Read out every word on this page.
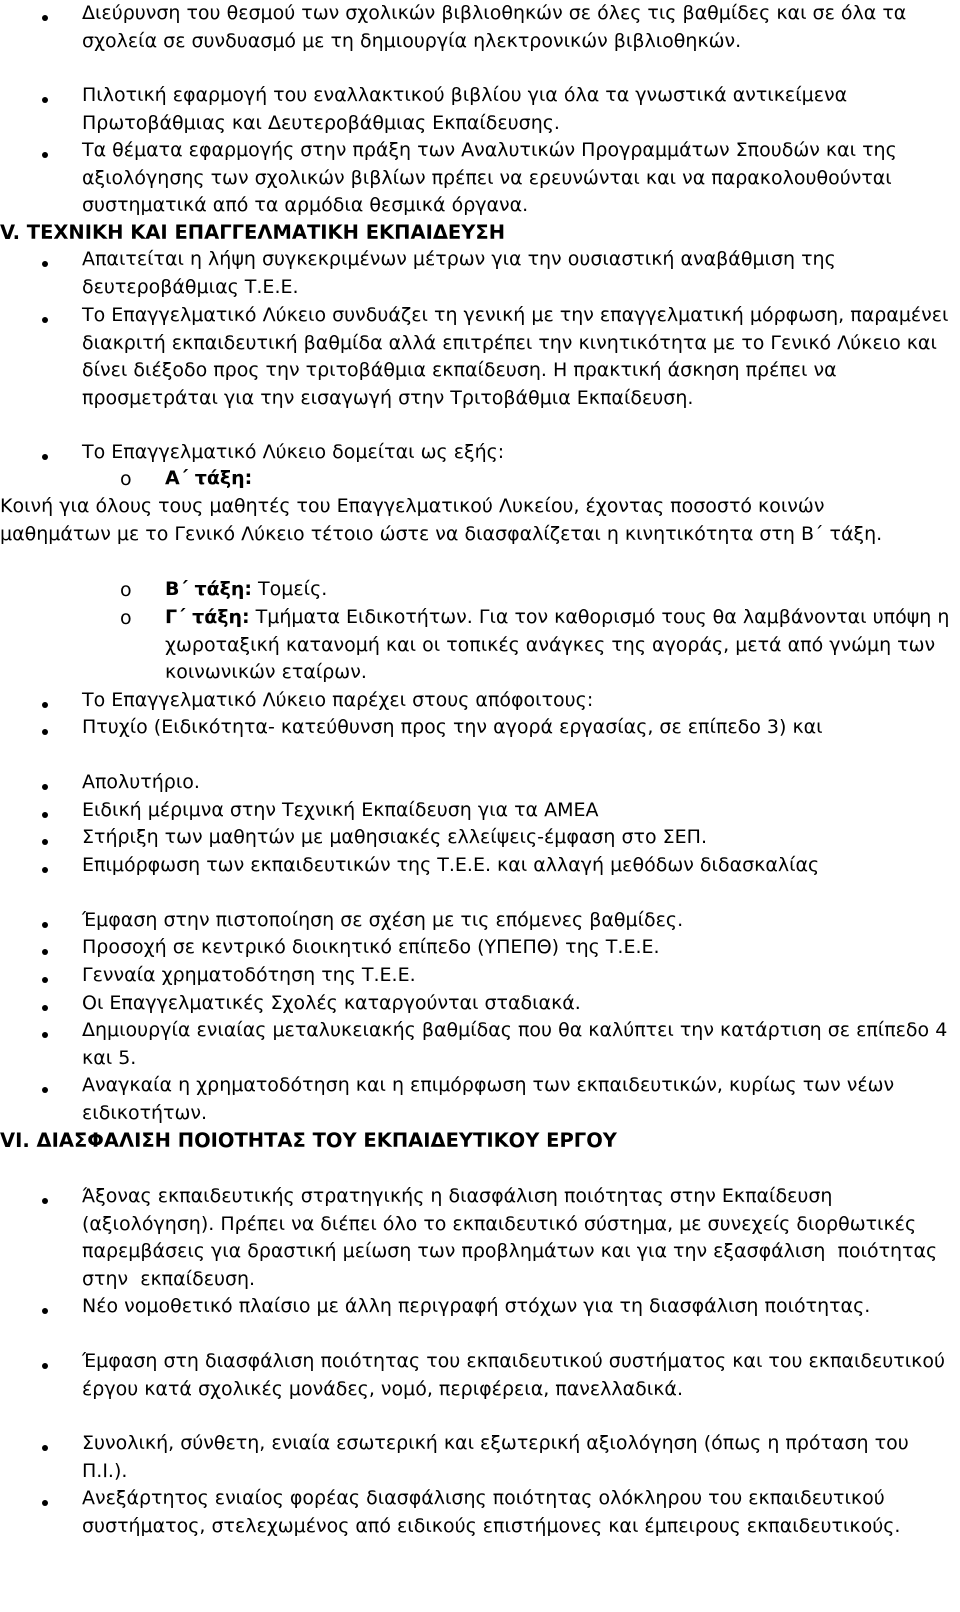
Διεύρυνση του θεσμού των σχολικών βιβλιοθηκών σε όλες τις βαθμίδες και σε όλα τα σχολεία σε συνδυασμό με τη δημιουργία ηλεκτρονικών βιβλιοθηκών.
Πιλοτική εφαρμογή του εναλλακτικού βιβλίου για όλα τα γνωστικά αντικείμενα Πρωτοβάθμιας και Δευτεροβάθμιας Εκπαίδευσης.
Τα θέματα εφαρμογής στην πράξη των Αναλυτικών Προγραμμάτων Σπουδών και της αξιολόγησης των σχολικών βιβλίων πρέπει να ερευνώνται και να παρακολουθούνται συστηματικά από τα αρμόδια θεσμικά όργανα.
V. ΤΕΧΝΙΚΗ ΚΑΙ ΕΠΑΓΓΕΛΜΑΤΙΚΗ ΕΚΠΑΙΔΕΥΣΗ
Απαιτείται η λήψη συγκεκριμένων μέτρων για την ουσιαστική αναβάθμιση της δευτεροβάθμιας Τ.Ε.Ε.
Το Επαγγελματικό Λύκειο συνδυάζει τη γενική με την επαγγελματική μόρφωση, παραμένει διακριτή εκπαιδευτική βαθμίδα αλλά επιτρέπει την κινητικότητα με το Γενικό Λύκειο και δίνει διέξοδο προς την τριτοβάθμια εκπαίδευση. Η πρακτική άσκηση πρέπει να προσμετράται για την εισαγωγή στην Τριτοβάθμια Εκπαίδευση.
Το Επαγγελματικό Λύκειο δομείται ως εξής:
o Α΄ τάξη:
Κοινή για όλους τους μαθητές του Επαγγελματικού Λυκείου, έχοντας ποσοστό κοινών μαθημάτων με το Γενικό Λύκειο τέτοιο ώστε να διασφαλίζεται η κινητικότητα στη Β΄ τάξη.
o Β΄ τάξη: Τομείς.
o Γ΄ τάξη: Τμήματα Ειδικοτήτων. Για τον καθορισμό τους θα λαμβάνονται υπόψη η χωροταξική κατανομή και οι τοπικές ανάγκες της αγοράς, μετά από γνώμη των κοινωνικών εταίρων.
Το Επαγγελματικό Λύκειο παρέχει στους απόφοιτους:
Πτυχίο (Ειδικότητα- κατεύθυνση προς την αγορά εργασίας, σε επίπεδο 3) και
Απολυτήριο.
Ειδική μέριμνα στην Τεχνική Εκπαίδευση για τα ΑΜΕΑ
Στήριξη των μαθητών με μαθησιακές ελλείψεις-έμφαση στο ΣΕΠ.
Επιμόρφωση των εκπαιδευτικών της Τ.Ε.Ε. και αλλαγή μεθόδων διδασκαλίας
Έμφαση στην πιστοποίηση σε σχέση με τις επόμενες βαθμίδες.
Προσοχή σε κεντρικό διοικητικό επίπεδο (ΥΠΕΠΘ) της Τ.Ε.Ε.
Γενναία χρηματοδότηση της Τ.Ε.Ε.
Οι Επαγγελματικές Σχολές καταργούνται σταδιακά.
Δημιουργία ενιαίας μεταλυκειακής βαθμίδας που θα καλύπτει την κατάρτιση σε επίπεδο 4 και 5.
Αναγκαία η χρηματοδότηση και η επιμόρφωση των εκπαιδευτικών, κυρίως των νέων ειδικοτήτων.
VI. ΔΙΑΣΦΑΛΙΣΗ ΠΟΙΟΤΗΤΑΣ ΤΟΥ ΕΚΠΑΙΔΕΥΤΙΚΟΥ ΕΡΓΟΥ
Άξονας εκπαιδευτικής στρατηγικής η διασφάλιση ποιότητας στην Εκπαίδευση (αξιολόγηση). Πρέπει να διέπει όλο το εκπαιδευτικό σύστημα, με συνεχείς διορθωτικές παρεμβάσεις για δραστική μείωση των προβλημάτων και για την εξασφάλιση  ποιότητας στην  εκπαίδευση.
Νέο νομοθετικό πλαίσιο με άλλη περιγραφή στόχων για τη διασφάλιση ποιότητας.
Έμφαση στη διασφάλιση ποιότητας του εκπαιδευτικού συστήματος και του εκπαιδευτικού έργου κατά σχολικές μονάδες, νομό, περιφέρεια, πανελλαδικά.
Συνολική, σύνθετη, ενιαία εσωτερική και εξωτερική αξιολόγηση (όπως η πρόταση του Π.Ι.).
Ανεξάρτητος ενιαίος φορέας διασφάλισης ποιότητας ολόκληρου του εκπαιδευτικού συστήματος, στελεχωμένος από ειδικούς επιστήμονες και έμπειρους εκπαιδευτικούς.
